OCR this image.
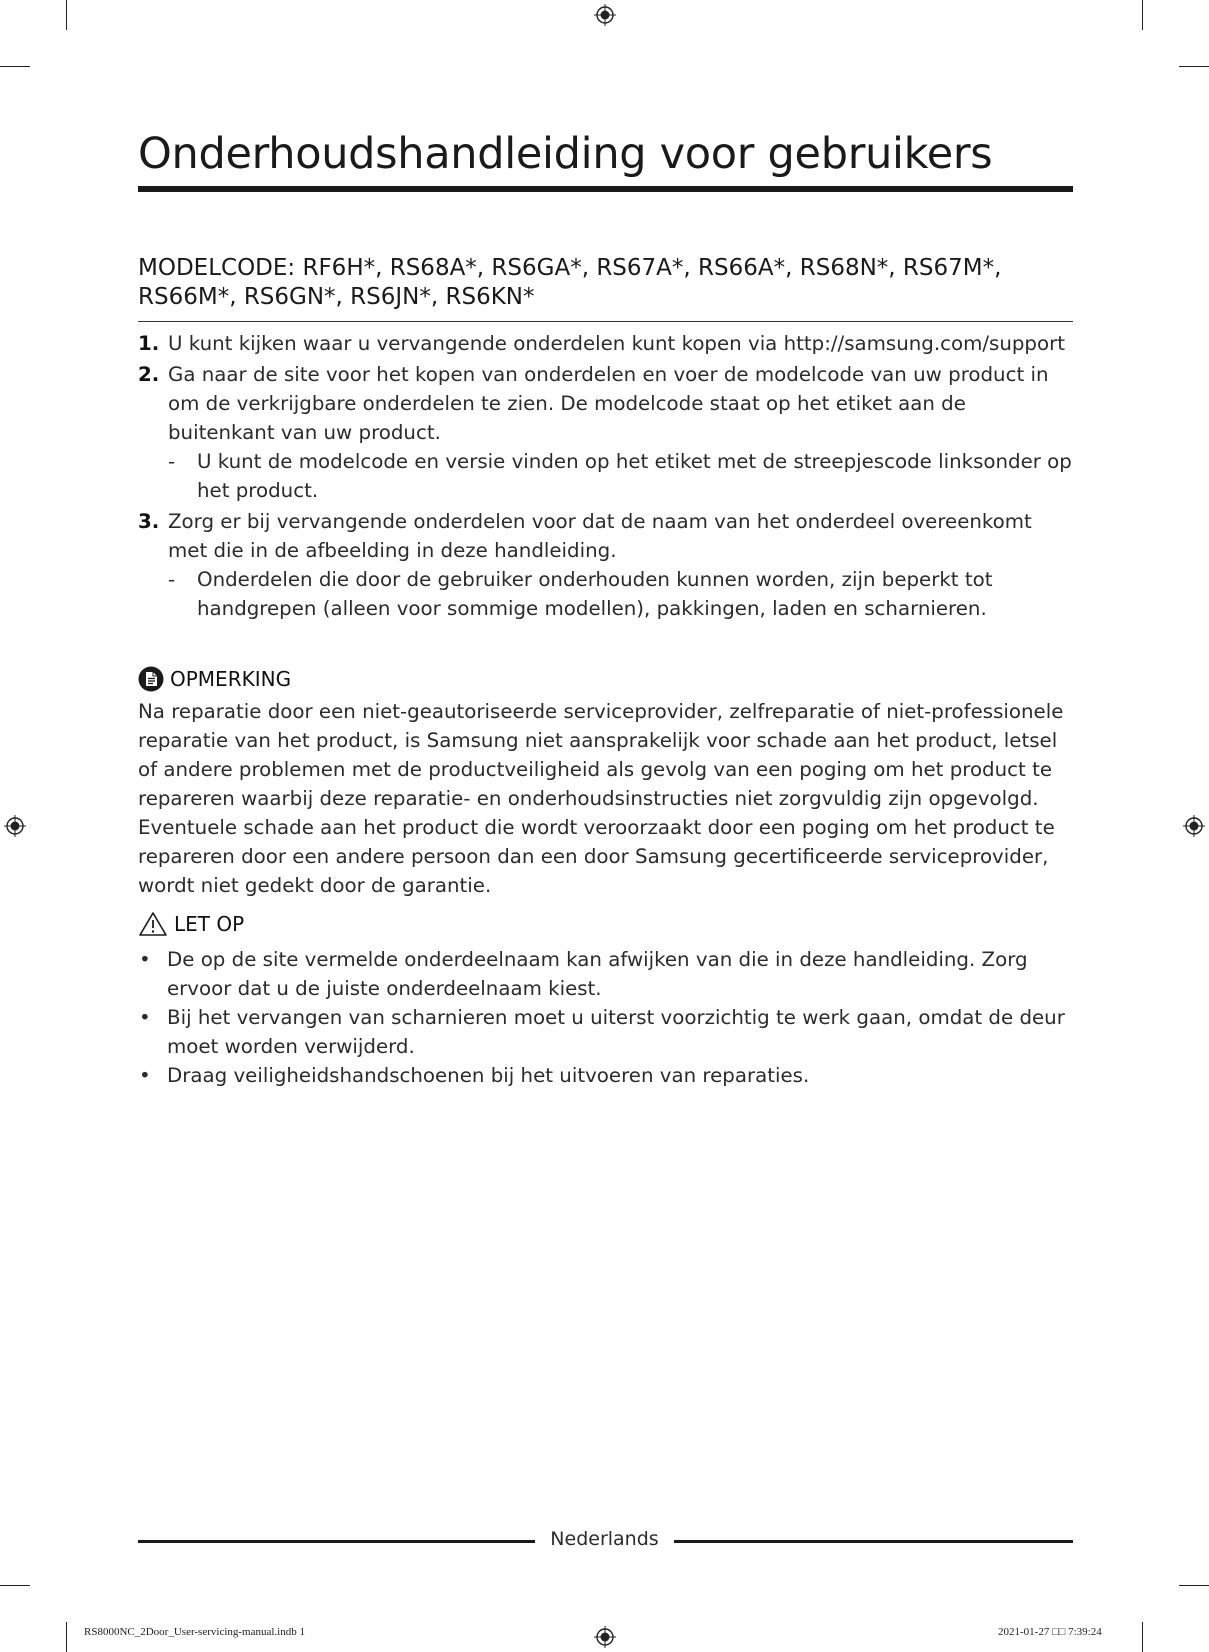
Onderhoudshandleiding voor gebruikers
MODELCODE: RF6H*, RS68A*, RS6GA*, RS67A*, RS66A*, RS68N*, RS67M*, RS66M*, RS6GN*, RS6JN*, RS6KN*
1. U kunt kijken waar u vervangende onderdelen kunt kopen via http://samsung.com/support
2. Ga naar de site voor het kopen van onderdelen en voer de modelcode van uw product in om de verkrijgbare onderdelen te zien. De modelcode staat op het etiket aan de buitenkant van uw product.
- U kunt de modelcode en versie vinden op het etiket met de streepjescode linksonder op het product.
3. Zorg er bij vervangende onderdelen voor dat de naam van het onderdeel overeenkomt met die in de afbeelding in deze handleiding.
- Onderdelen die door de gebruiker onderhouden kunnen worden, zijn beperkt tot handgrepen (alleen voor sommige modellen), pakkingen, laden en scharnieren.
OPMERKING

Na reparatie door een niet-geautoriseerde serviceprovider, zelfreparatie of niet-professionele reparatie van het product, is Samsung niet aansprakelijk voor schade aan het product, letsel of andere problemen met de productveiligheid als gevolg van een poging om het product te repareren waarbij deze reparatie- en onderhoudsinstructies niet zorgvuldig zijn opgevolgd. Eventuele schade aan het product die wordt veroorzaakt door een poging om het product te repareren door een andere persoon dan een door Samsung gecertificeerde serviceprovider, wordt niet gedekt door de garantie.

LET OP
• De op de site vermelde onderdeelnaam kan afwijken van die in deze handleiding. Zorg ervoor dat u de juiste onderdeelnaam kiest.
• Bij het vervangen van scharnieren moet u uiterst voorzichtig te werk gaan, omdat de deur moet worden verwijderd.
• Draag veiligheidshandschoenen bij het uitvoeren van reparaties.
Nederlands
RS8000NC_2Door_User-servicing-manual.indb 1	2021-01-27 □□ 7:39:24
